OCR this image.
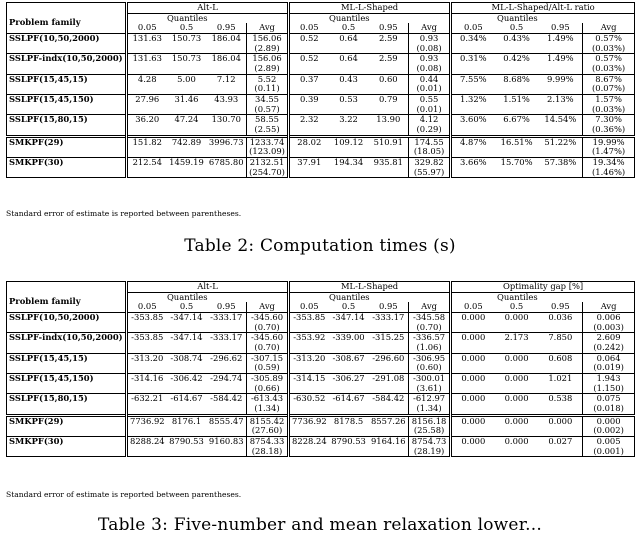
	Alt-L				ML-L-Shaped				ML-L-Shaped/Alt-L ratio			
Problem family	Quantiles				Quantiles				Quantiles			
	0.05	0.5	0.95	Avg	0.05	0.5	0.95	Avg	0.05	0.5	0.95	Avg
SSLPF(10,50,2000)	131.63	150.73	186.04	156.06	0.52	0.64	2.59	0.93	0.34%	0.43%	1.49%	0.57%
				(2.89)				(0.08)				(0.03%)
SSLPF-indx(10,50,2000)	131.63	150.73	186.04	156.06	0.52	0.64	2.59	0.93	0.31%	0.42%	1.49%	0.57%
				(2.89)				(0.08)				(0.03%)
SSLPF(15,45,15)	4.28	5.00	7.12	5.52	0.37	0.43	0.60	0.44	7.55%	8.68%	9.99%	8.67%
				(0.11)				(0.01)				(0.07%)
SSLPF(15,45,150)	27.96	31.46	43.93	34.55	0.39	0.53	0.79	0.55	1.32%	1.51%	2.13%	1.57%
				(0.57)				(0.01)				(0.03%)
SSLPF(15,80,15)	36.20	47.24	130.70	58.55	2.32	3.22	13.90	4.12	3.60%	6.67%	14.54%	7.30%
				(2.55)				(0.29)				(0.36%)
SMKPF(29)	151.82	742.89	3996.73	1233.74	28.02	109.12	510.91	174.55	4.87%	16.51%	51.22%	19.99%
				(123.09)				(18.05)				(1.47%)
SMKPF(30)	212.54	1459.19	6785.80	2132.51	37.91	194.34	935.81	329.82	3.66%	15.70%	57.38%	19.34%
				(254.70)				(55.97)				(1.46%)
Standard error of estimate is reported between parentheses.
Table 2: Computation times (s)
	Alt-L				ML-L-Shaped				Optimality gap [%]			
Problem family	Quantiles				Quantiles				Quantiles			
	0.05	0.5	0.95	Avg	0.05	0.5	0.95	Avg	0.05	0.5	0.95	Avg
SSLPF(10,50,2000)	-353.85	-347.14	-333.17	-345.60	-353.85	-347.14	-333.17	-345.58	0.000	0.000	0.036	0.006
				(0.70)				(0.70)				(0.003)
SSLPF-indx(10,50,2000)	-353.85	-347.14	-333.17	-345.60	-353.92	-339.00	-315.25	-336.57	0.000	2.173	7.850	2.609
				(0.70)				(1.06)				(0.242)
SSLPF(15,45,15)	-313.20	-308.74	-296.62	-307.15	-313.20	-308.67	-296.60	-306.95	0.000	0.000	0.608	0.064
				(0.59)				(0.60)				(0.019)
SSLPF(15,45,150)	-314.16	-306.42	-294.74	-305.89	-314.15	-306.27	-291.08	-300.01	0.000	0.000	1.021	1.943
				(0.66)				(3.61)				(1.150)
SSLPF(15,80,15)	-632.21	-614.67	-584.42	-613.43	-630.52	-614.67	-584.42	-612.97	0.000	0.000	0.538	0.075
				(1.34)				(1.34)				(0.018)
SMKPF(29)	7736.92	8176.1	8555.47	8155.42	7736.92	8178.5	8557.26	8156.18	0.000	0.000	0.000	0.000
				(27.60)				(25.58)				(0.002)
SMKPF(30)	8288.24	8790.53	9160.83	8754.33	8228.24	8790.53	9164.16	8754.73	0.000	0.000	0.027	0.005
				(28.18)				(28.19)				(0.001)
Standard error of estimate is reported between parentheses.
Table 3: Five-number and mean relaxation lower...
